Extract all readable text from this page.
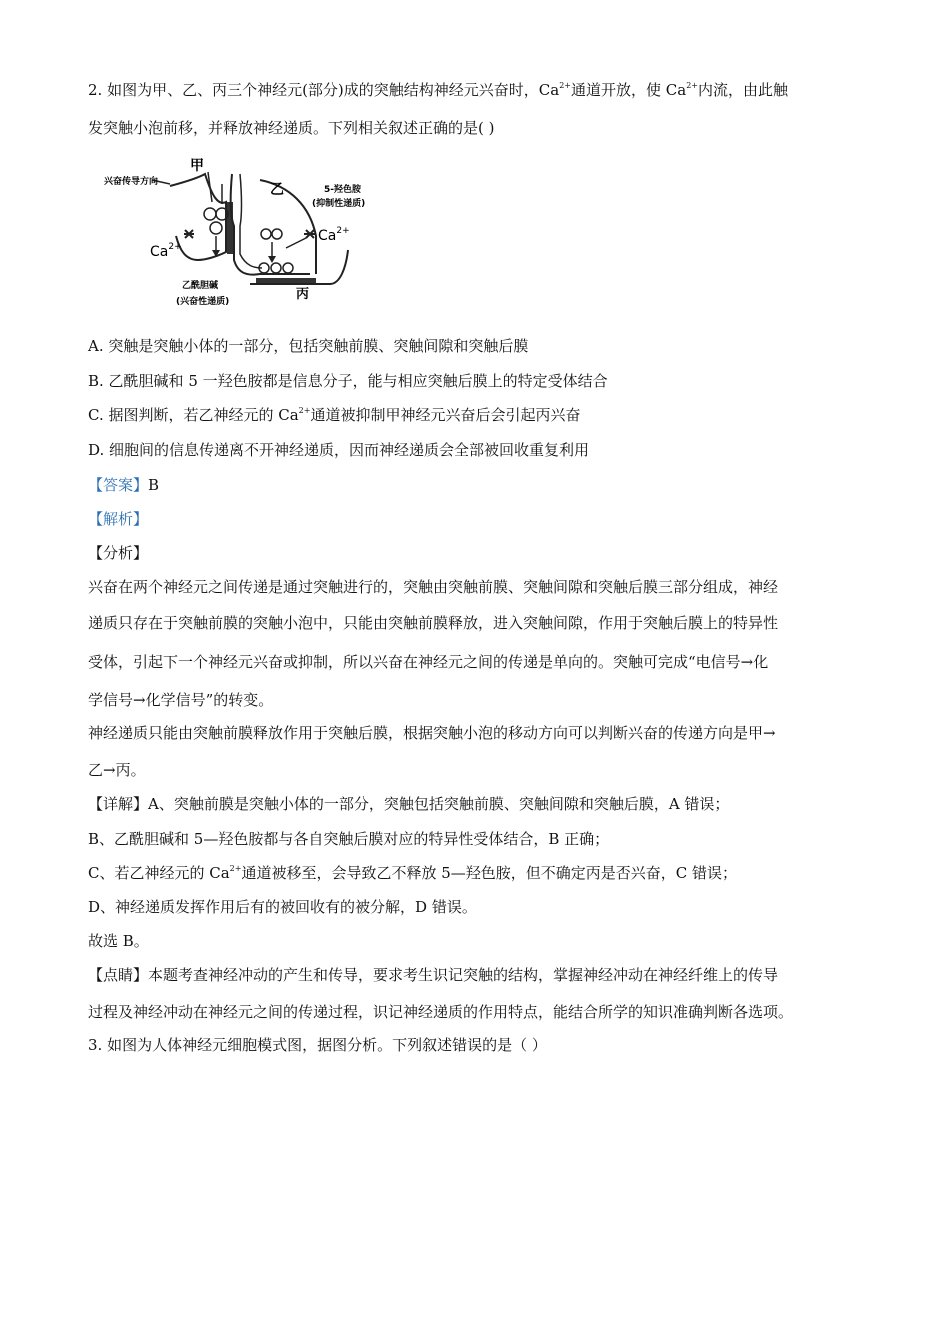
2. 如图为甲、乙、丙三个神经元(部分)成的突触结构神经元兴奋时，$Ca^{2+}$通道开放，使 $Ca^{2+}$内流，由此触
发突触小泡前移，并释放神经递质。下列相关叙述正确的是( )
甲
乙
丙
兴奋传导方向
5-羟色胺
(抑制性递质)
乙酰胆碱
(兴奋性递质)
$Ca^{2+}$
$Ca^{2+}$
A. 突触是突触小体的一部分，包括突触前膜、突触间隙和突触后膜
B. 乙酰胆碱和 5 一羟色胺都是信息分子，能与相应突触后膜上的特定受体结合
C. 据图判断，若乙神经元的 $Ca^{2+}$通道被抑制甲神经元兴奋后会引起丙兴奋
D. 细胞间的信息传递离不开神经递质，因而神经递质会全部被回收重复利用
【答案】B
【解析】
【分析】
兴奋在两个神经元之间传递是通过突触进行的，突触由突触前膜、突触间隙和突触后膜三部分组成，神经
递质只存在于突触前膜的突触小泡中，只能由突触前膜释放，进入突触间隙，作用于突触后膜上的特异性
受体，引起下一个神经元兴奋或抑制，所以兴奋在神经元之间的传递是单向的。突触可完成“电信号→化
学信号→化学信号”的转变。
神经递质只能由突触前膜释放作用于突触后膜，根据突触小泡的移动方向可以判断兴奋的传递方向是甲→
乙→丙。
【详解】A、突触前膜是突触小体的一部分，突触包括突触前膜、突触间隙和突触后膜，A 错误；
B、乙酰胆碱和 5—羟色胺都与各自突触后膜对应的特异性受体结合，B 正确；
C、若乙神经元的 $Ca^{2+}$通道被移至，会导致乙不释放 5—羟色胺，但不确定丙是否兴奋，C 错误；
D、神经递质发挥作用后有的被回收有的被分解，D 错误。
故选 B。
【点睛】本题考查神经冲动的产生和传导，要求考生识记突触的结构，掌握神经冲动在神经纤维上的传导
过程及神经冲动在神经元之间的传递过程，识记神经递质的作用特点，能结合所学的知识准确判断各选项。
3. 如图为人体神经元细胞模式图，据图分析。下列叙述错误的是（ ）
